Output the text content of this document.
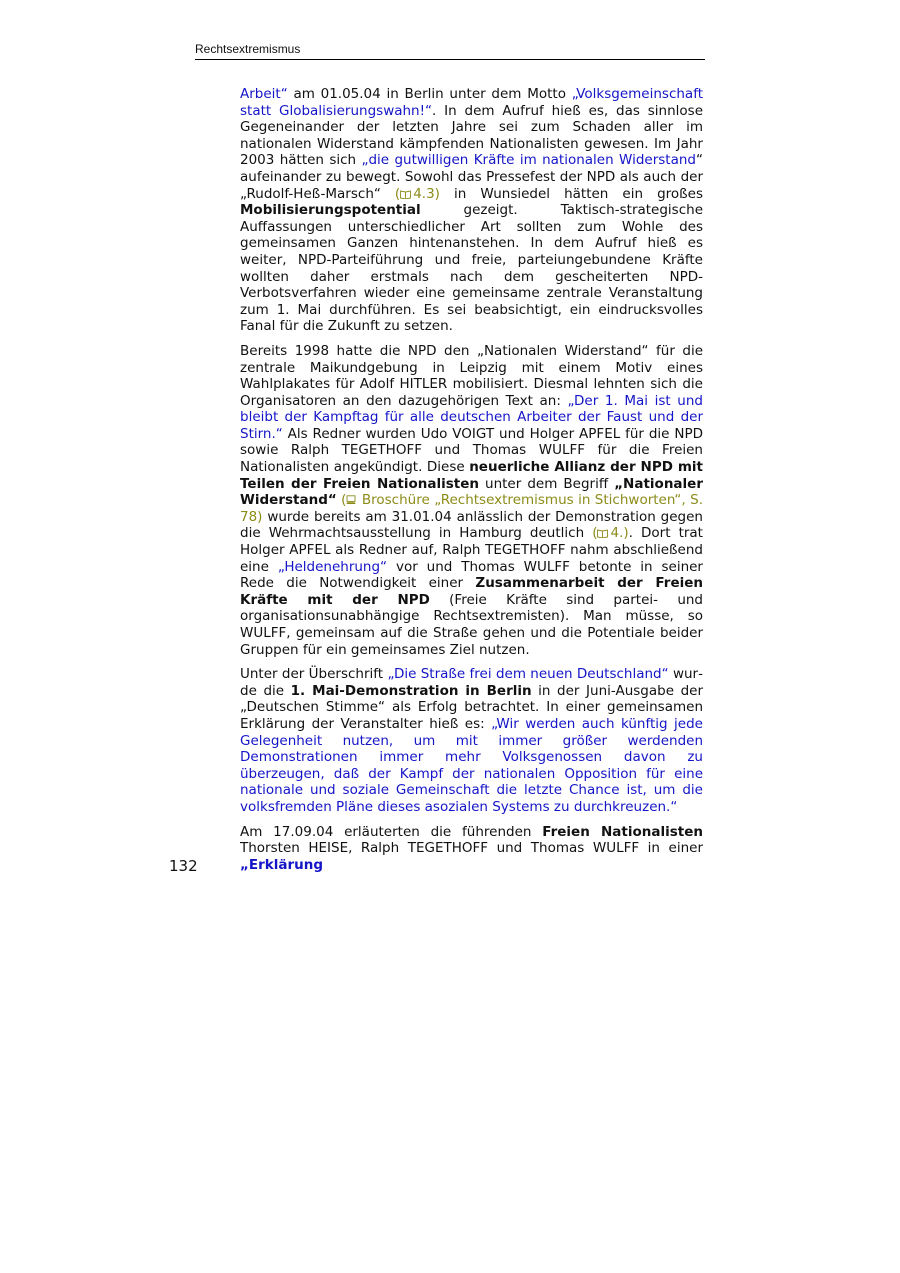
Rechtsextremismus

Arbeit“ am 01.05.04 in Berlin unter dem Motto „Volksgemeinschaft statt Globalisierungswahn!“. In dem Aufruf hieß es, das sinnlose Gegeneinander der letzten Jahre sei zum Schaden aller im nationalen Widerstand kämpfenden Nationalisten gewesen. Im Jahr 2003 hätten sich „die gutwilligen Kräfte im nationalen Widerstand“ aufeinander zu bewegt. Sowohl das Pressefest der NPD als auch der „Rudolf-Heß-Marsch“ ( 4.3) in Wunsiedel hätten ein großes Mobilisierungspotential gezeigt. Taktisch-strategische Auffassungen unterschiedlicher Art sollten zum Wohle des gemeinsamen Ganzen hintenanstehen. In dem Aufruf hieß es weiter, NPD-Parteiführung und freie, parteiungebundene Kräfte wollten daher erstmals nach dem gescheiterten NPD-Verbotsverfahren wieder eine gemeinsame zentrale Veranstaltung zum 1. Mai durchführen. Es sei beabsichtigt, ein eindrucksvolles Fanal für die Zukunft zu setzen.

Bereits 1998 hatte die NPD den „Nationalen Widerstand“ für die zentrale Maikundgebung in Leipzig mit einem Motiv eines Wahlplakates für Adolf HITLER mobilisiert. Diesmal lehnten sich die Organisatoren an den dazugehörigen Text an: „Der 1. Mai ist und bleibt der Kampftag für alle deutschen Arbeiter der Faust und der Stirn.“ Als Redner wurden Udo VOIGT und Holger APFEL für die NPD sowie Ralph TEGETHOFF und Thomas WULFF für die Freien Nationalisten angekündigt. Diese neuerliche Allianz der NPD mit Teilen der Freien Nationalisten unter dem Begriff „Nationaler Widerstand“ ( Broschüre „Rechtsextremismus in Stichworten“, S. 78) wurde bereits am 31.01.04 anlässlich der Demonstration gegen die Wehrmachtsausstellung in Hamburg deutlich ( 4.). Dort trat Holger APFEL als Redner auf, Ralph TEGETHOFF nahm abschließend eine „Heldenehrung“ vor und Thomas WULFF betonte in seiner Rede die Notwendigkeit einer Zusammenarbeit der Freien Kräfte mit der NPD (Freie Kräfte sind partei- und organisationsunabhängige Rechtsextremisten). Man müsse, so WULFF, gemeinsam auf die Straße gehen und die Potentiale beider Gruppen für ein gemeinsames Ziel nutzen.

Unter der Überschrift „Die Straße frei dem neuen Deutschland“ wurde die 1. Mai-Demonstration in Berlin in der Juni-Ausgabe der „Deutschen Stimme“ als Erfolg betrachtet. In einer gemeinsamen Erklärung der Veranstalter hieß es: „Wir werden auch künftig jede Gelegenheit nutzen, um mit immer größer werdenden Demonstrationen immer mehr Volksgenossen davon zu überzeugen, daß der Kampf der nationalen Opposition für eine nationale und soziale Gemeinschaft die letzte Chance ist, um die volksfremden Pläne dieses asozialen Systems zu durchkreuzen.“

Am 17.09.04 erläuterten die führenden Freien Nationalisten Thorsten HEISE, Ralph TEGETHOFF und Thomas WULFF in einer „Erklärung

132
